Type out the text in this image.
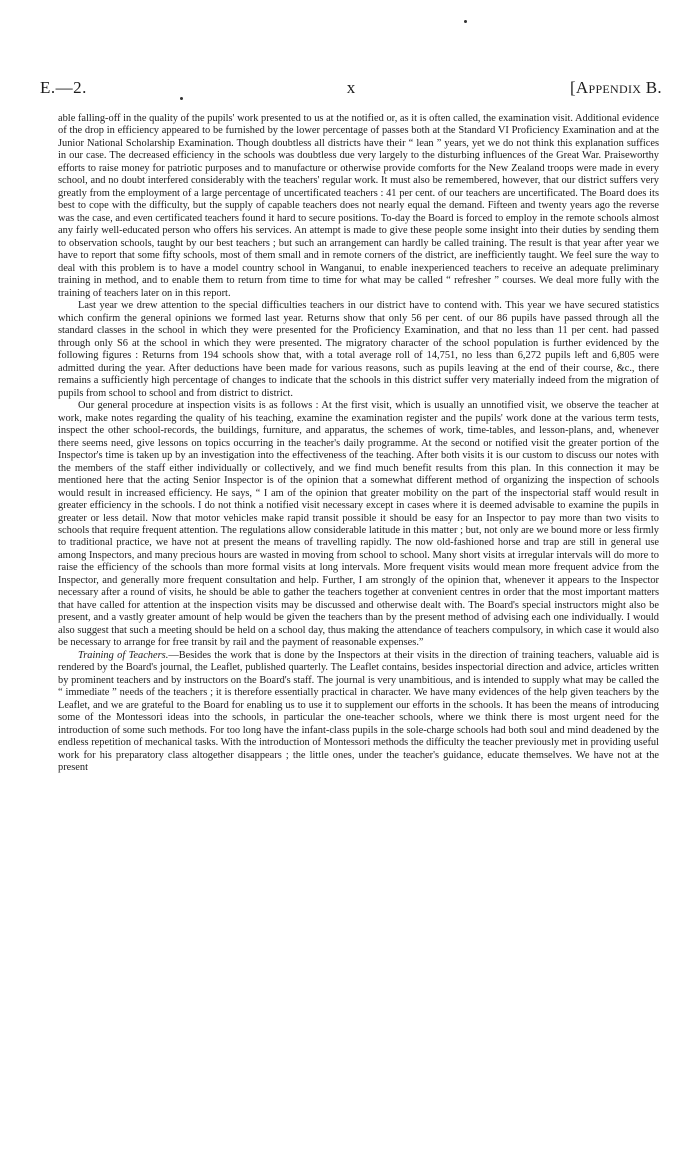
E.—2.	x	[Appendix B.

able falling-off in the quality of the pupils' work presented to us at the notified or, as it is often called, the examination visit. Additional evidence of the drop in efficiency appeared to be furnished by the lower percentage of passes both at the Standard VI Proficiency Examination and at the Junior National Scholarship Examination. Though doubtless all districts have their “ lean ” years, yet we do not think this explanation suffices in our case. The decreased efficiency in the schools was doubtless due very largely to the disturbing influences of the Great War. Praiseworthy efforts to raise money for patriotic purposes and to manufacture or otherwise provide comforts for the New Zealand troops were made in every school, and no doubt interfered considerably with the teachers' regular work. It must also be remembered, however, that our district suffers very greatly from the employment of a large percentage of uncertificated teachers : 41 per cent. of our teachers are uncertificated. The Board does its best to cope with the difficulty, but the supply of capable teachers does not nearly equal the demand. Fifteen and twenty years ago the reverse was the case, and even certificated teachers found it hard to secure positions. To-day the Board is forced to employ in the remote schools almost any fairly well-educated person who offers his services. An attempt is made to give these people some insight into their duties by sending them to observation schools, taught by our best teachers ; but such an arrangement can hardly be called training. The result is that year after year we have to report that some fifty schools, most of them small and in remote corners of the district, are inefficiently taught. We feel sure the way to deal with this problem is to have a model country school in Wanganui, to enable inexperienced teachers to receive an adequate preliminary training in method, and to enable them to return from time to time for what may be called “ refresher ” courses. We deal more fully with the training of teachers later on in this report.

Last year we drew attention to the special difficulties teachers in our district have to contend with. This year we have secured statistics which confirm the general opinions we formed last year. Returns show that only 56 per cent. of our 86 pupils have passed through all the standard classes in the school in which they were presented for the Proficiency Examination, and that no less than 11 per cent. had passed through only S6 at the school in which they were presented. The migratory character of the school population is further evidenced by the following figures : Returns from 194 schools show that, with a total average roll of 14,751, no less than 6,272 pupils left and 6,805 were admitted during the year. After deductions have been made for various reasons, such as pupils leaving at the end of their course, &c., there remains a sufficiently high percentage of changes to indicate that the schools in this district suffer very materially indeed from the migration of pupils from school to school and from district to district.

Our general procedure at inspection visits is as follows : At the first visit, which is usually an unnotified visit, we observe the teacher at work, make notes regarding the quality of his teaching, examine the examination register and the pupils' work done at the various term tests, inspect the other school-records, the buildings, furniture, and apparatus, the schemes of work, time-tables, and lesson-plans, and, whenever there seems need, give lessons on topics occurring in the teacher's daily programme. At the second or notified visit the greater portion of the Inspector's time is taken up by an investigation into the effectiveness of the teaching. After both visits it is our custom to discuss our notes with the members of the staff either individually or collectively, and we find much benefit results from this plan. In this connection it may be mentioned here that the acting Senior Inspector is of the opinion that a somewhat different method of organizing the inspection of schools would result in increased efficiency. He says, “ I am of the opinion that greater mobility on the part of the inspectorial staff would result in greater efficiency in the schools. I do not think a notified visit necessary except in cases where it is deemed advisable to examine the pupils in greater or less detail. Now that motor vehicles make rapid transit possible it should be easy for an Inspector to pay more than two visits to schools that require frequent attention. The regulations allow considerable latitude in this matter ; but, not only are we bound more or less firmly to traditional practice, we have not at present the means of travelling rapidly. The now old-fashioned horse and trap are still in general use among Inspectors, and many precious hours are wasted in moving from school to school. Many short visits at irregular intervals will do more to raise the efficiency of the schools than more formal visits at long intervals. More frequent visits would mean more frequent advice from the Inspector, and generally more frequent consultation and help. Further, I am strongly of the opinion that, whenever it appears to the Inspector necessary after a round of visits, he should be able to gather the teachers together at convenient centres in order that the most important matters that have called for attention at the inspection visits may be discussed and otherwise dealt with. The Board's special instructors might also be present, and a vastly greater amount of help would be given the teachers than by the present method of advising each one individually. I would also suggest that such a meeting should be held on a school day, thus making the attendance of teachers compulsory, in which case it would also be necessary to arrange for free transit by rail and the payment of reasonable expenses.”

Training of Teachers.—Besides the work that is done by the Inspectors at their visits in the direction of training teachers, valuable aid is rendered by the Board's journal, the Leaflet, published quarterly. The Leaflet contains, besides inspectorial direction and advice, articles written by prominent teachers and by instructors on the Board's staff. The journal is very unambitious, and is intended to supply what may be called the “ immediate ” needs of the teachers ; it is therefore essentially practical in character. We have many evidences of the help given teachers by the Leaflet, and we are grateful to the Board for enabling us to use it to supplement our efforts in the schools. It has been the means of introducing some of the Montessori ideas into the schools, in particular the one-teacher schools, where we think there is most urgent need for the introduction of some such methods. For too long have the infant-class pupils in the sole-charge schools had both soul and mind deadened by the endless repetition of mechanical tasks. With the introduction of Montessori methods the difficulty the teacher previously met in providing useful work for his preparatory class altogether disappears ; the little ones, under the teacher's guidance, educate themselves. We have not at the present
